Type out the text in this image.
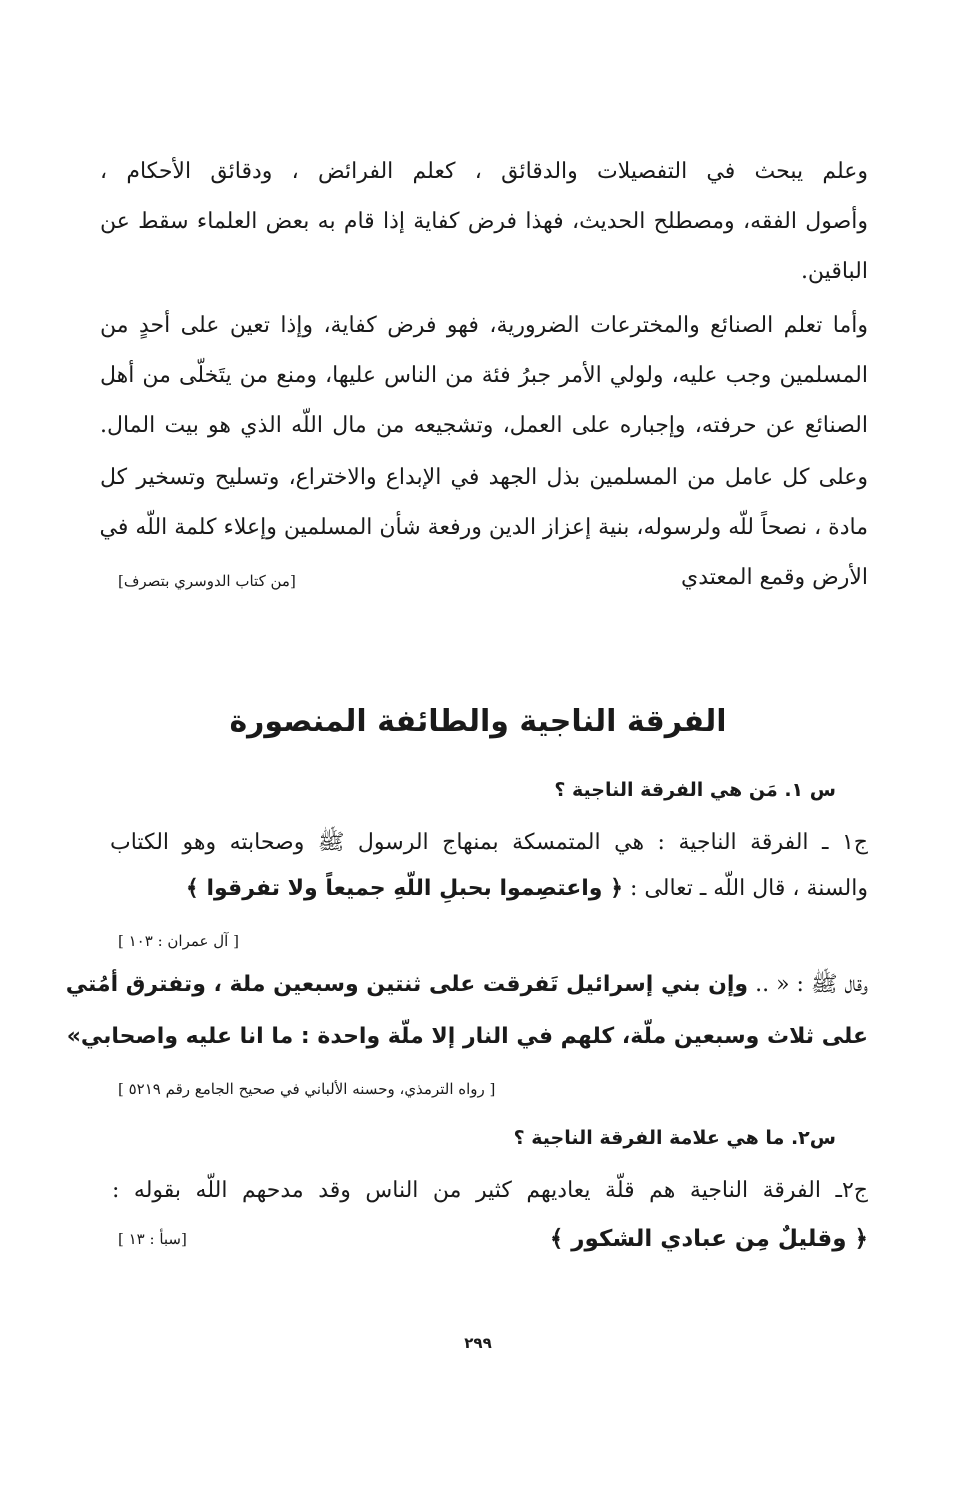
وعلم يبحث في التفصيلات والدقائق ، كعلم الفرائض ، ودقائق الأحكام ،
وأصول الفقه، ومصطلح الحديث، فهذا فرض كفاية إذا قام به بعض العلماء سقط عن
الباقين.
وأما تعلم الصنائع والمخترعات الضرورية، فهو فرض كفاية، وإذا تعين على أحدٍ من
المسلمين وجب عليه، ولولي الأمر جبرُ فئة من الناس عليها، ومنع من يتَخلّى من أهل
الصنائع عن حرفته، وإجباره على العمل، وتشجيعه من مال اللّه الذي هو بيت المال.
وعلى كل عامل من المسلمين بذل الجهد في الإبداع والاختراع، وتسليح وتسخير كل
مادة ، نصحاً للّه ولرسوله، بنية إعزاز الدين ورفعة شأن المسلمين وإعلاء كلمة اللّه في
الأرض وقمع المعتدي
[من كتاب الدوسري بتصرف]
الفرقة الناجية والطائفة المنصورة
س ١. مَن هي الفرقة الناجية ؟
ج١ ـ الفرقة الناجية : هي المتمسكة بمنهاج الرسول ﷺ وصحابته وهو الكتاب
والسنة ، قال اللّه ـ تعالى : ﴿ واعتصِموا بحبلِ اللّهِ جميعاً ولا تفرقوا ﴾
[ آل عمران : ١٠٣ ]
وقال ﷺ : « .. وإن بني إسرائيل تَفرقت على ثنتين وسبعين ملة ، وتفترق أمُتي
على ثلاث وسبعين ملّة، كلهم في النار إلا ملّة واحدة : ما انا عليه واصحابي»
[ رواه الترمذي، وحسنه الألباني في صحيح الجامع رقم ٥٢١٩ ]
س٢. ما هي علامة الفرقة الناجية ؟
ج٢ـ الفرقة الناجية هم قلّة يعاديهم كثير من الناس وقد مدحهم اللّه بقوله :
﴿ وقليلٌ مِن عبادي الشكور ﴾
[سبأ : ١٣ ]
٢٩٩
